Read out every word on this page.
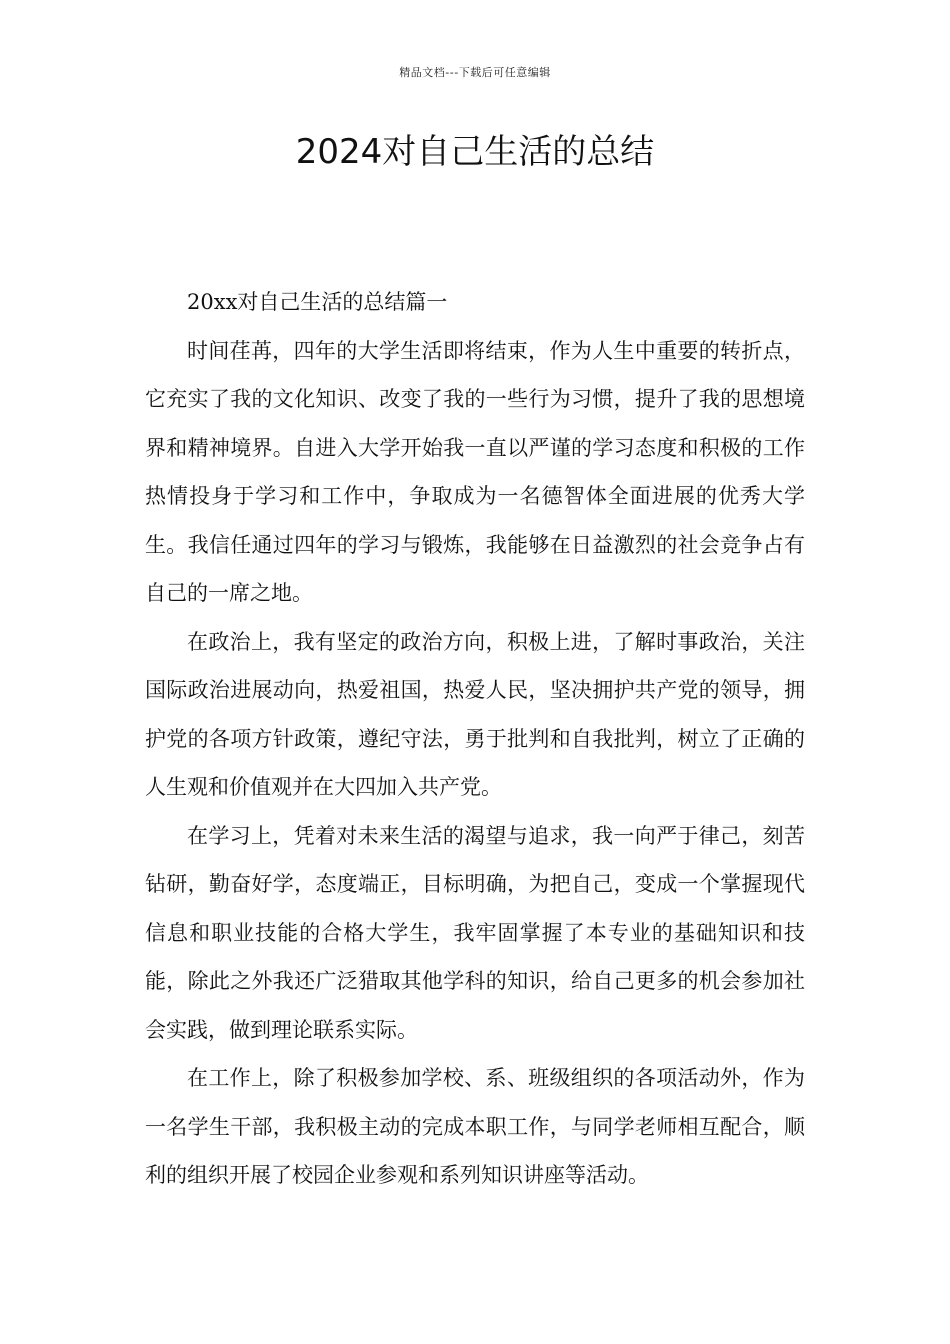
精品文档---下载后可任意编辑
2024对自己生活的总结

20xx对自己生活的总结篇一

时间荏苒，四年的大学生活即将结束，作为人生中重要的转折点，它充实了我的文化知识、改变了我的一些行为习惯，提升了我的思想境界和精神境界。自进入大学开始我一直以严谨的学习态度和积极的工作热情投身于学习和工作中，争取成为一名德智体全面进展的优秀大学生。我信任通过四年的学习与锻炼，我能够在日益激烈的社会竞争占有自己的一席之地。

在政治上，我有坚定的政治方向，积极上进，了解时事政治，关注国际政治进展动向，热爱祖国，热爱人民，坚决拥护共产党的领导，拥护党的各项方针政策，遵纪守法，勇于批判和自我批判，树立了正确的人生观和价值观并在大四加入共产党。

在学习上，凭着对未来生活的渴望与追求，我一向严于律己，刻苦钻研，勤奋好学，态度端正，目标明确，为把自己，变成一个掌握现代信息和职业技能的合格大学生，我牢固掌握了本专业的基础知识和技能，除此之外我还广泛猎取其他学科的知识，给自己更多的机会参加社会实践，做到理论联系实际。

在工作上，除了积极参加学校、系、班级组织的各项活动外，作为一名学生干部，我积极主动的完成本职工作，与同学老师相互配合，顺利的组织开展了校园企业参观和系列知识讲座等活动。
